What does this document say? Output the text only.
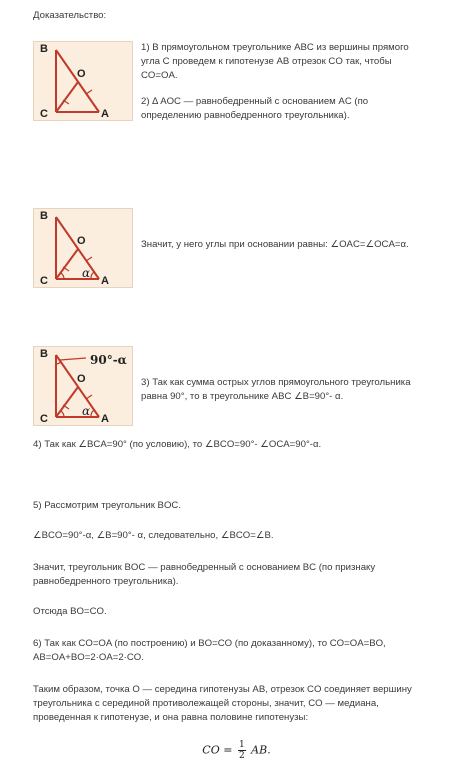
Доказательство:

B
O
C	A

1) В прямоугольном треугольнике ABC из вершины прямого угла C проведем к гипотенузе AB отрезок CO так, чтобы CO=OA.

2) ∆ AOC — равнобедренный с основанием AC (по определению равнобедренного треугольника).

B
O
C	A
α

Значит, у него углы при основании равны: ∠OAC=∠OCA=α.

B
O
C	A
α
90°-α

3) Так как сумма острых углов прямоугольного треугольника равна 90°, то в треугольнике ABC ∠B=90°- α.

4) Так как ∠BCA=90° (по условию), то ∠BCO=90°- ∠OCA=90°-α.

5) Рассмотрим треугольник BOC.

∠BCO=90°-α, ∠B=90°- α, следовательно, ∠BCO=∠B.

Значит, треугольник BOC — равнобедренный с основанием BC (по признаку равнобедренного треугольника).

Отсюда BO=CO.

6) Так как CO=OA (по построению) и BO=CO (по доказанному), то CO=OA=BO, AB=OA+BO=2·OA=2·CO.

Таким образом, точка O — середина гипотенузы AB, отрезок CO соединяет вершину треугольника с серединой противолежащей стороны, значит, CO — медиана, проведенная к гипотенузе, и она равна половине гипотенузы:

CO = $\frac{1}{2}$ AB.
